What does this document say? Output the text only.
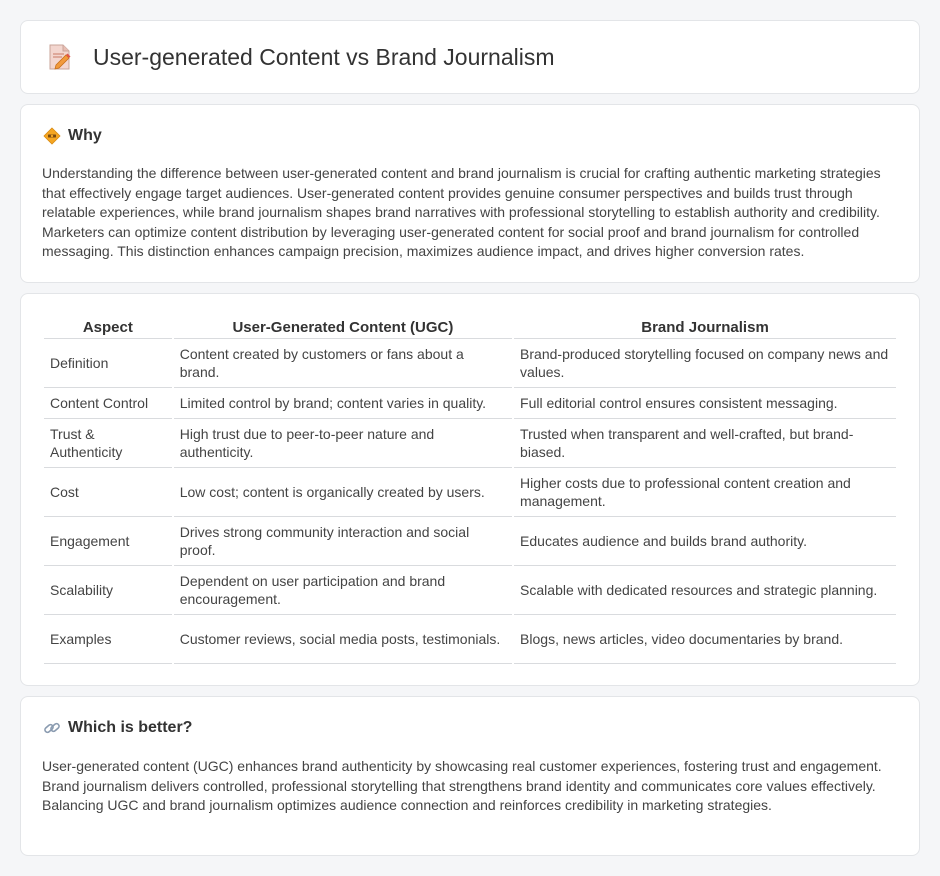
User-generated Content vs Brand Journalism
Why

Understanding the difference between user-generated content and brand journalism is crucial for crafting authentic marketing strategies that effectively engage target audiences. User-generated content provides genuine consumer perspectives and builds trust through relatable experiences, while brand journalism shapes brand narratives with professional storytelling to establish authority and credibility. Marketers can optimize content distribution by leveraging user-generated content for social proof and brand journalism for controlled messaging. This distinction enhances campaign precision, maximizes audience impact, and drives higher conversion rates.

Aspect	User-Generated Content (UGC)	Brand Journalism
Definition	Content created by customers or fans about a brand.	Brand-produced storytelling focused on company news and values.
Content Control	Limited control by brand; content varies in quality.	Full editorial control ensures consistent messaging.
Trust & Authenticity	High trust due to peer-to-peer nature and authenticity.	Trusted when transparent and well-crafted, but brand-biased.
Cost	Low cost; content is organically created by users.	Higher costs due to professional content creation and management.
Engagement	Drives strong community interaction and social proof.	Educates audience and builds brand authority.
Scalability	Dependent on user participation and brand encouragement.	Scalable with dedicated resources and strategic planning.
Examples	Customer reviews, social media posts, testimonials.	Blogs, news articles, video documentaries by brand.
Which is better?

User-generated content (UGC) enhances brand authenticity by showcasing real customer experiences, fostering trust and engagement. Brand journalism delivers controlled, professional storytelling that strengthens brand identity and communicates core values effectively. Balancing UGC and brand journalism optimizes audience connection and reinforces credibility in marketing strategies.
